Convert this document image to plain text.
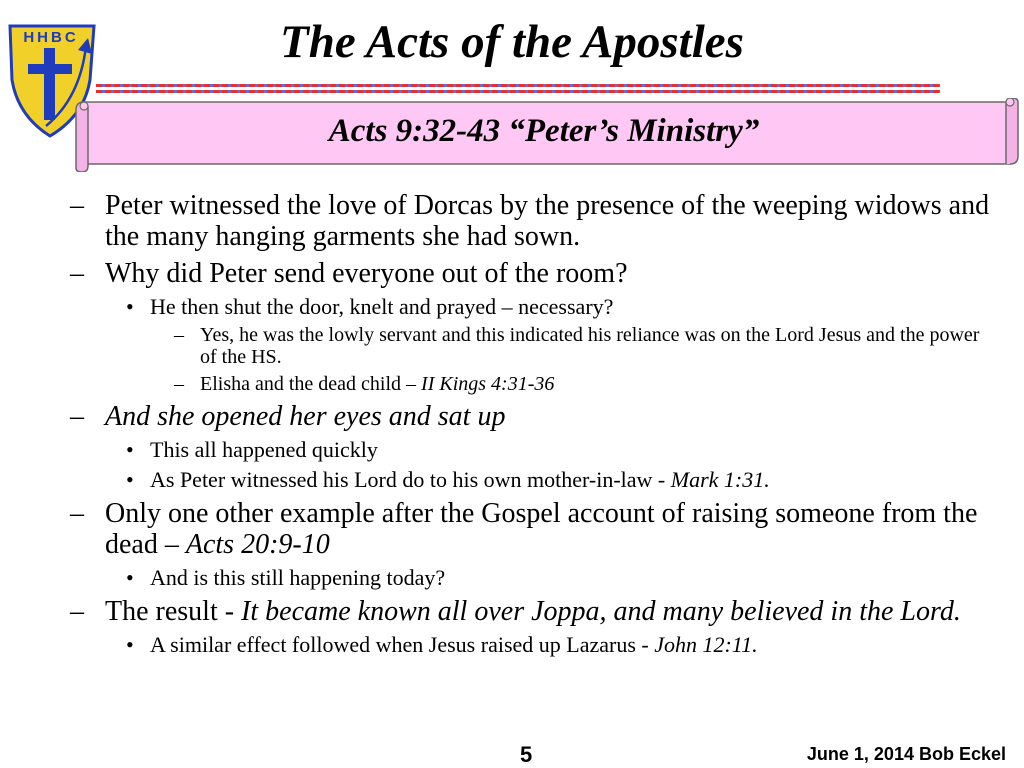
HHBC	The Acts of the Apostles
Acts 9:32-43 “Peter’s Ministry”
– Peter witnessed the love of Dorcas by the presence of the weeping widows and the many hanging garments she had sown.
– Why did Peter send everyone out of the room?
• He then shut the door, knelt and prayed – necessary?
– Yes, he was the lowly servant and this indicated his reliance was on the Lord Jesus and the power of the HS.
– Elisha and the dead child – II Kings 4:31-36
– And she opened her eyes and sat up
• This all happened quickly
• As Peter witnessed his Lord do to his own mother-in-law - Mark 1:31.
– Only one other example after the Gospel account of raising someone from the dead – Acts 20:9-10
• And is this still happening today?
– The result - It became known all over Joppa, and many believed in the Lord.
• A similar effect followed when Jesus raised up Lazarus - John 12:11.
5	June 1, 2014 Bob Eckel
